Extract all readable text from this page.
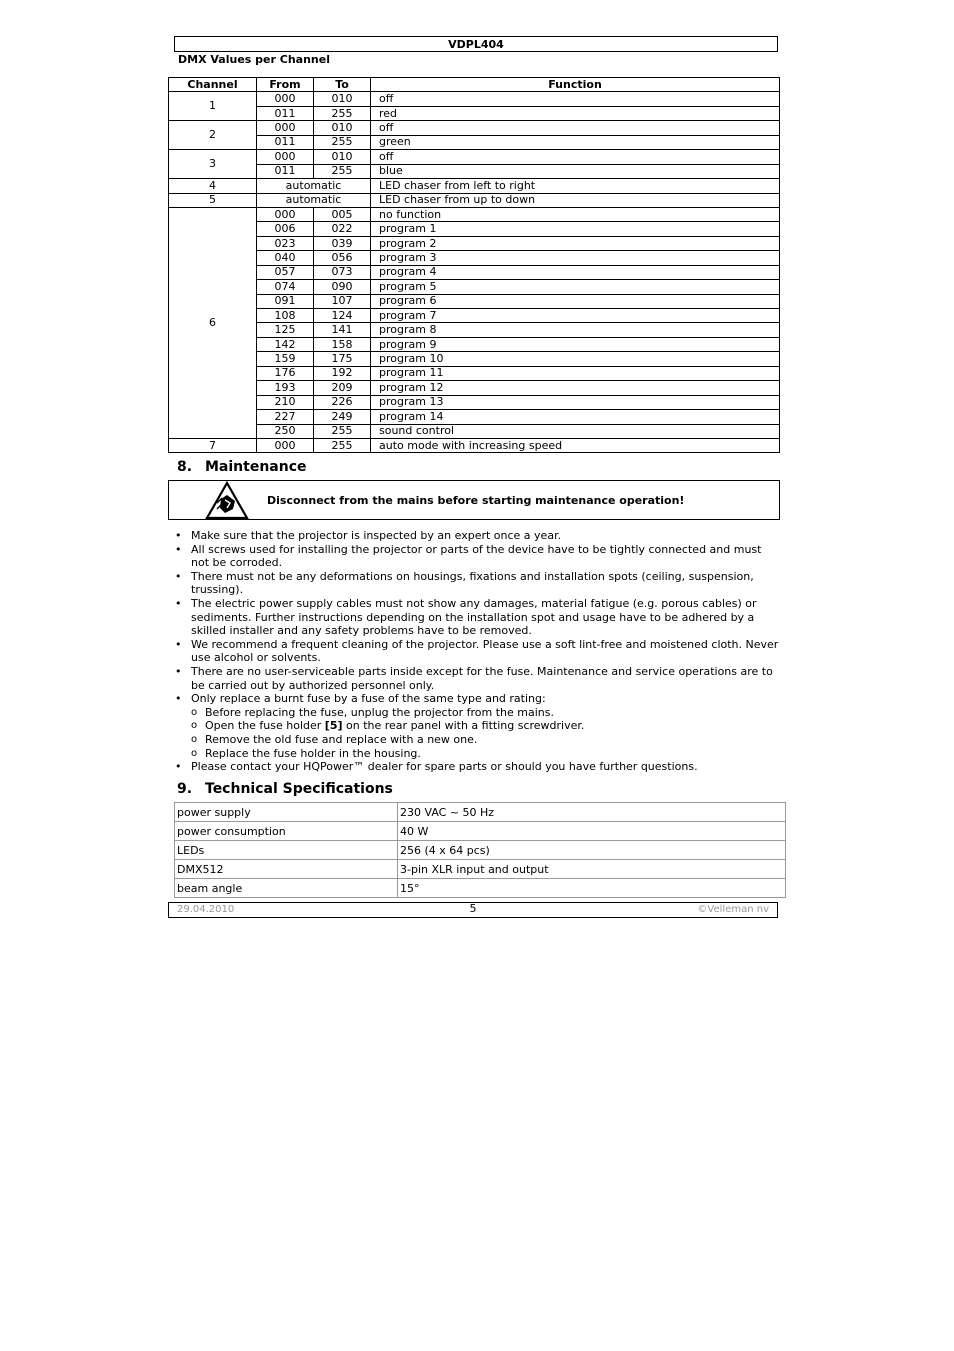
VDPL404
DMX Values per Channel
Channel	From	To	Function
1	000	010	off
	011	255	red
2	000	010	off
	011	255	green
3	000	010	off
	011	255	blue
4	automatic		LED chaser from left to right
5	automatic		LED chaser from up to down
6	000	005	no function
	006	022	program 1
	023	039	program 2
	040	056	program 3
	057	073	program 4
	074	090	program 5
	091	107	program 6
	108	124	program 7
	125	141	program 8
	142	158	program 9
	159	175	program 10
	176	192	program 11
	193	209	program 12
	210	226	program 13
	227	249	program 14
	250	255	sound control
7	000	255	auto mode with increasing speed
8. Maintenance
Disconnect from the mains before starting maintenance operation!
• Make sure that the projector is inspected by an expert once a year.
• All screws used for installing the projector or parts of the device have to be tightly connected and must not be corroded.
• There must not be any deformations on housings, fixations and installation spots (ceiling, suspension, trussing).
• The electric power supply cables must not show any damages, material fatigue (e.g. porous cables) or sediments. Further instructions depending on the installation spot and usage have to be adhered by a skilled installer and any safety problems have to be removed.
• We recommend a frequent cleaning of the projector. Please use a soft lint-free and moistened cloth. Never use alcohol or solvents.
• There are no user-serviceable parts inside except for the fuse. Maintenance and service operations are to be carried out by authorized personnel only.
• Only replace a burnt fuse by a fuse of the same type and rating:
o Before replacing the fuse, unplug the projector from the mains.
o Open the fuse holder [5] on the rear panel with a fitting screwdriver.
o Remove the old fuse and replace with a new one.
o Replace the fuse holder in the housing.
• Please contact your HQPower™ dealer for spare parts or should you have further questions.
9. Technical Specifications
power supply	230 VAC ~ 50 Hz
power consumption	40 W
LEDs	256 (4 x 64 pcs)
DMX512	3-pin XLR input and output
beam angle	15°
29.04.2010	5	©Velleman nv
